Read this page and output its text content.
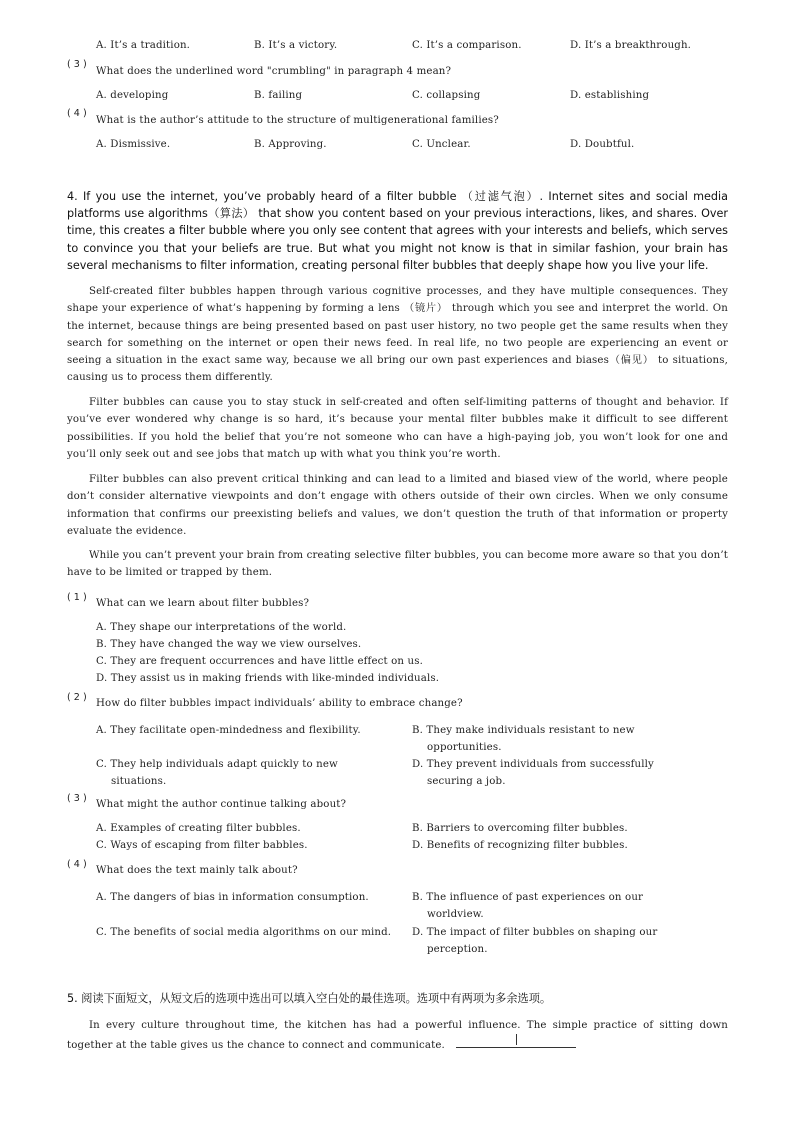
A. It’s a tradition.	B. It’s a victory.	C. It’s a comparison.	D. It’s a breakthrough.
( 3 )
What does the underlined word "crumbling" in paragraph 4 mean?
A. developing	B. failing	C. collapsing	D. establishing
( 4 )
What is the author’s attitude to the structure of multigenerational families?
A. Dismissive.	B. Approving.	C. Unclear.	D. Doubtful.
4. If you use the internet, you’ve probably heard of a filter bubble （过滤气泡）. Internet sites and social media platforms use algorithms（算法） that show you content based on your previous interactions, likes, and shares. Over time, this creates a filter bubble where you only see content that agrees with your interests and beliefs, which serves to convince you that your beliefs are true. But what you might not know is that in similar fashion, your brain has several mechanisms to filter information, creating personal filter bubbles that deeply shape how you live your life.
Self-created filter bubbles happen through various cognitive processes, and they have multiple consequences. They shape your experience of what’s happening by forming a lens （镜片） through which you see and interpret the world. On the internet, because things are being presented based on past user history, no two people get the same results when they search for something on the internet or open their news feed. In real life, no two people are experiencing an event or seeing a situation in the exact same way, because we all bring our own past experiences and biases（偏见） to situations, causing us to process them differently.
Filter bubbles can cause you to stay stuck in self-created and often self-limiting patterns of thought and behavior. If you’ve ever wondered why change is so hard, it’s because your mental filter bubbles make it difficult to see different possibilities. If you hold the belief that you’re not someone who can have a high-paying job, you won’t look for one and you’ll only seek out and see jobs that match up with what you think you’re worth.
Filter bubbles can also prevent critical thinking and can lead to a limited and biased view of the world, where people don’t consider alternative viewpoints and don’t engage with others outside of their own circles. When we only consume information that confirms our preexisting beliefs and values, we don’t question the truth of that information or property evaluate the evidence.
While you can’t prevent your brain from creating selective filter bubbles, you can become more aware so that you don’t have to be limited or trapped by them.
( 1 )
What can we learn about filter bubbles?
A. They shape our interpretations of the world.
B. They have changed the way we view ourselves.
C. They are frequent occurrences and have little effect on us.
D. They assist us in making friends with like-minded individuals.
( 2 )
How do filter bubbles impact individuals’ ability to embrace change?
A. They facilitate open-mindedness and flexibility.	B. They make individuals resistant to new opportunities.
C. They help individuals adapt quickly to new situations.
D. They prevent individuals from successfully securing a job.
( 3 )
What might the author continue talking about?
A. Examples of creating filter bubbles.	B. Barriers to overcoming filter bubbles.
C. Ways of escaping from filter babbles.	D. Benefits of recognizing filter bubbles.
( 4 )
What does the text mainly talk about?
A. The dangers of bias in information consumption.	B. The influence of past experiences on our worldview.
C. The benefits of social media algorithms on our mind. D. The impact of filter bubbles on shaping our perception.
5. 阅读下面短文，从短文后的选项中选出可以填入空白处的最佳选项。选项中有两项为多余选项。
In every culture throughout time, the kitchen has had a powerful influence. The simple practice of sitting down together at the table gives us the chance to connect and communicate.
